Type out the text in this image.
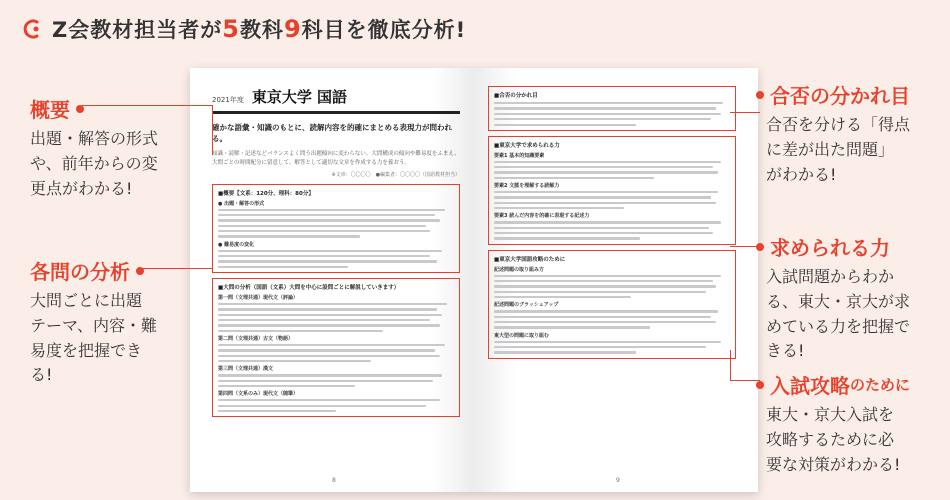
Z会教材担当者が5教科9科目を徹底分析!
2021年度 東京大学 国語
確かな語彙・知識のもとに、読解内容を的確にまとめる表現力が問われる。
知識・読解・記述などバランスよく問う出題傾向に変わらない。大問構成の傾向や難易度をふまえ、大問ごとの時間配分に留意して、解答として適切な文章を作成する力を養おう。
※文章：〇〇〇〇　●編集者：〇〇〇〇（国語教材担当）
■概要【文系：120分、理科：80分】
● 出題・解答の形式
● 難易度の変化
■大問の分析（国語（文系）大問を中心に設問ごとに解説していきます）
第一問（文理共通）現代文（評論）
第二問（文理共通）古文（物語）
第三問（文理共通）漢文
第四問（文系のみ）現代文（随筆）
8
■合否の分かれ目
■東京大学で求められる力
要素1 基本的知識要素
要素2 文脈を理解する読解力
要素3 読んだ内容を的確に表現する記述力
■東京大学国語攻略のために
記述問題の取り組み方
記述問題のブラッシュアップ
東大型の問題に取り組む
9
概要
出題・解答の形式
や、前年からの変
更点がわかる!
各問の分析
大問ごとに出題
テーマ、内容・難
易度を把握でき
る!
合否の分かれ目
合否を分ける「得点
に差が出た問題」
がわかる!
求められる力
入試問題からわか
る、東大・京大が求
めている力を把握で
きる!
入試攻略 のために
東大・京大入試を
攻略するために必
要な対策がわかる!
